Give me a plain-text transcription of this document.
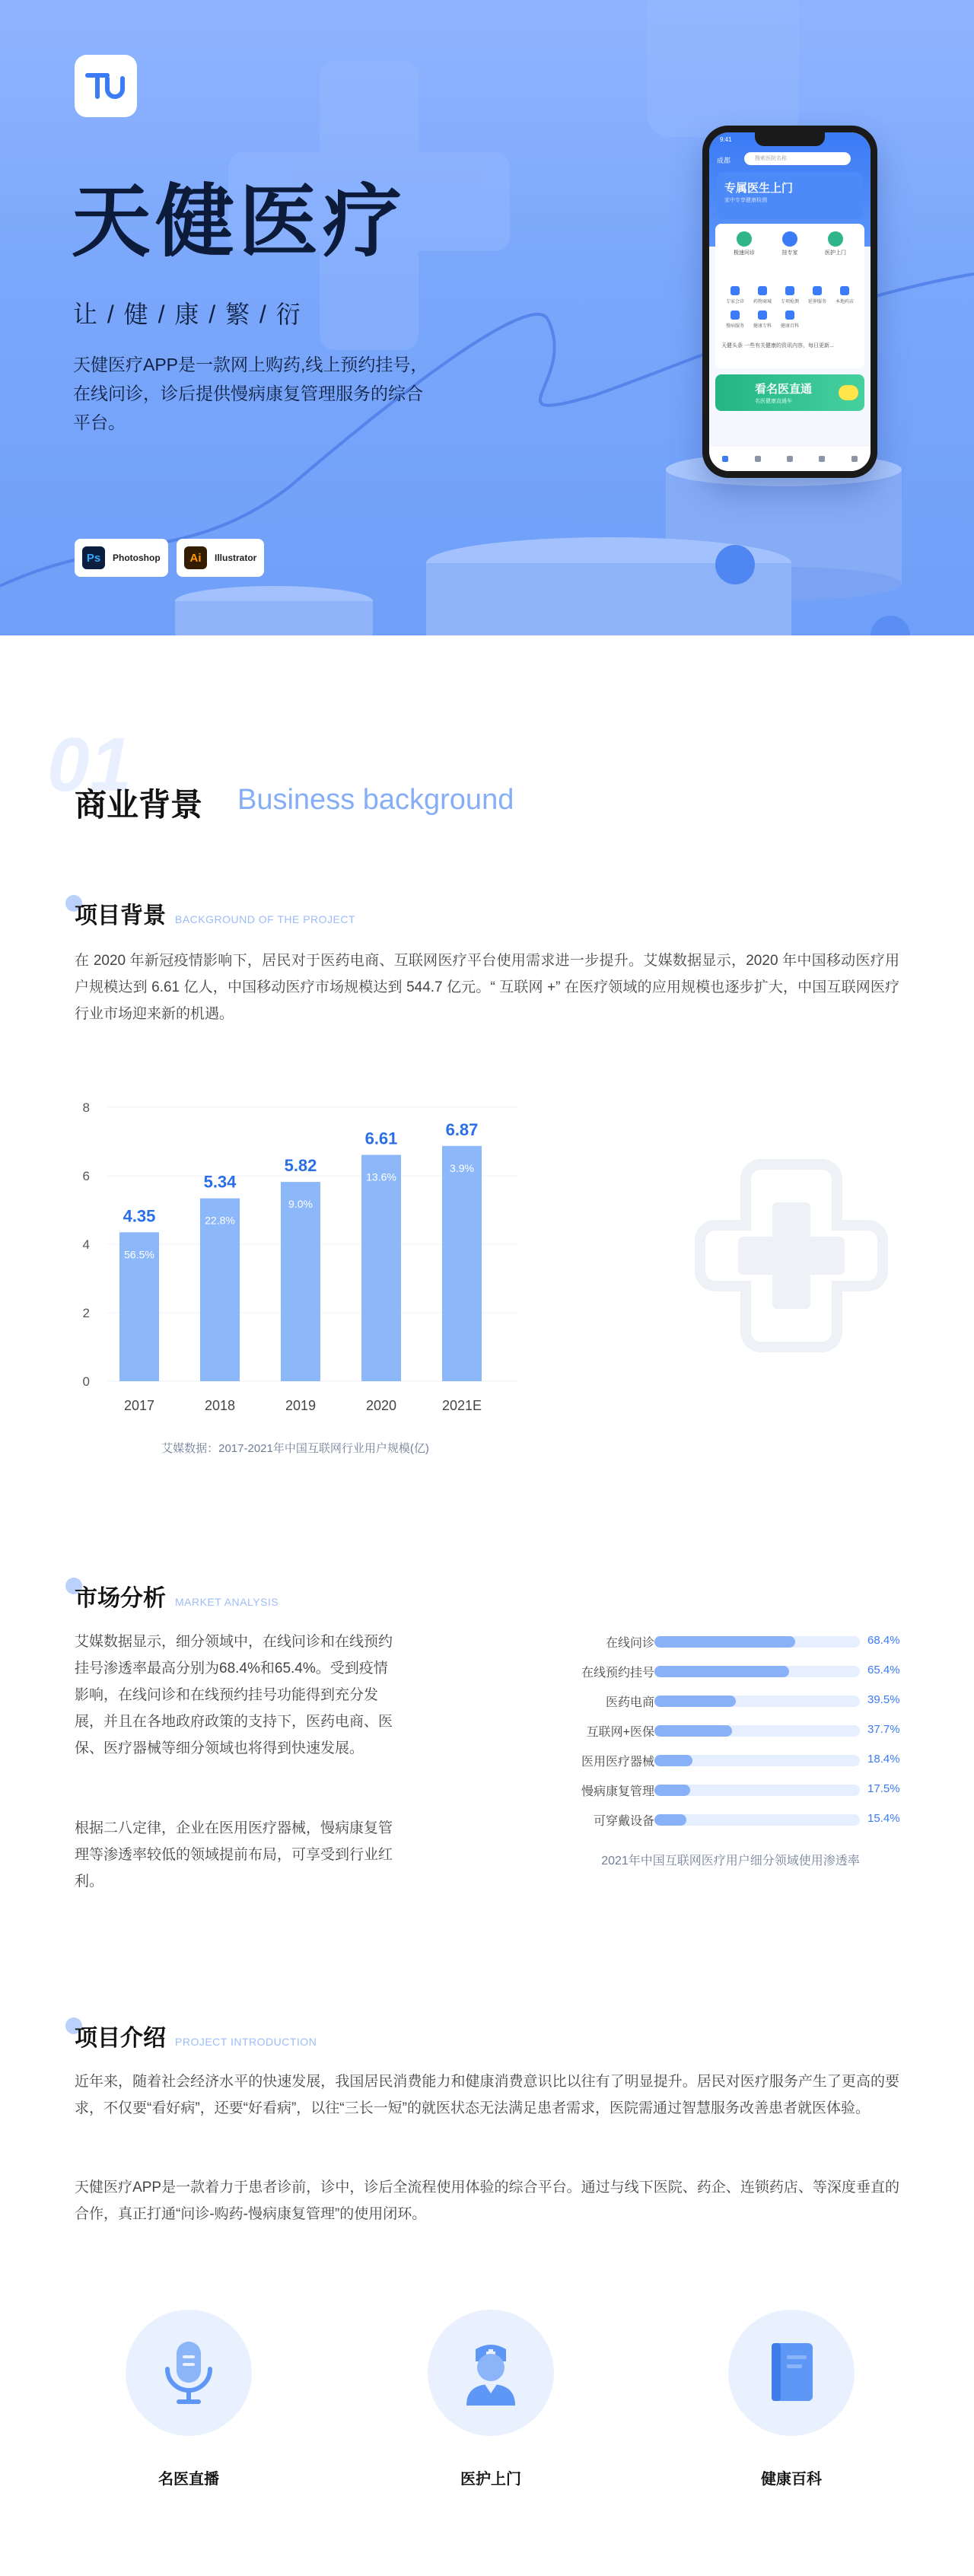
天健医疗
让 / 健 / 康 / 繁 / 衍
天健医疗APP是一款网上购药,线上预约挂号，在线问诊，诊后提供慢病康复管理服务的综合平台。
Ps	Photoshop	Ai	Illustrator
9:41
成都	搜索医院名称
专属医生上门
家中专享健康检测
极速问诊	挂专家	医护上门
专家会诊 药物商城 专项检测 延伸服务 本地药店
慢病服务 健康专科 健康百科
天健头条 一些有关健康的资讯内容，每日更新...
看名医直通
名医健康直通车
01
商业背景 Business background
项目背景 BACKGROUND OF THE PROJECT
在 2020 年新冠疫情影响下，居民对于医药电商、互联网医疗平台使用需求进一步提升。艾媒数据显示，2020 年中国移动医疗用户规模达到 6.61 亿人，中国移动医疗市场规模达到 544.7 亿元。“ 互联网 +” 在医疗领域的应用规模也逐步扩大，中国互联网医疗行业市场迎来新的机遇。
0
2
4
6
8
4.35
56.5%
2017
5.34
22.8%
2018
5.82
9.0%
2019
6.61
13.6%
2020
6.87
3.9%
2021E
艾媒数据：2017-2021年中国互联网行业用户规模(亿)
市场分析 MARKET ANALYSIS
艾媒数据显示，细分领域中，在线问诊和在线预约挂号渗透率最高分别为68.4%和65.4%。受到疫情影响，在线问诊和在线预约挂号功能得到充分发展，并且在各地政府政策的支持下，医药电商、医保、医疗器械等细分领域也将得到快速发展。
根据二八定律，企业在医用医疗器械，慢病康复管理等渗透率较低的领域提前布局，可享受到行业红利。
在线问诊	68.4%
在线预约挂号	65.4%
医药电商	39.5%
互联网+医保	37.7%
医用医疗器械	18.4%
慢病康复管理	17.5%
可穿戴设备	15.4%
2021年中国互联网医疗用户细分领域使用渗透率
项目介绍 PROJECT INTRODUCTION
近年来，随着社会经济水平的快速发展，我国居民消费能力和健康消费意识比以往有了明显提升。居民对医疗服务产生了更高的要求，不仅要“看好病”，还要“好看病”，以往“三长一短”的就医状态无法满足患者需求，医院需通过智慧服务改善患者就医体验。
天健医疗APP是一款着力于患者诊前，诊中，诊后全流程使用体验的综合平台。通过与线下医院、药企、连锁药店、等深度垂直的合作，真正打通“问诊-购药-慢病康复管理”的使用闭环。
名医直播	医护上门	健康百科
